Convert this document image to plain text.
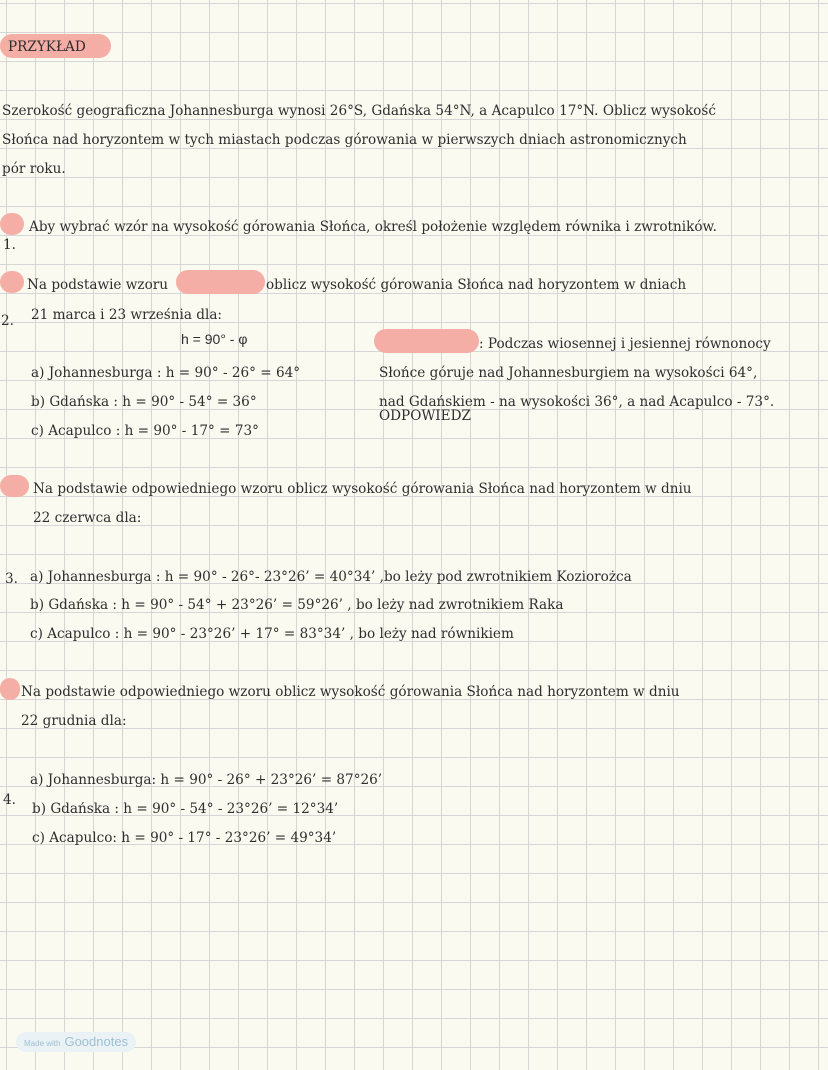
PRZYKŁAD
Szerokość geograficzna Johannesburga wynosi 26°S, Gdańska 54°N, a Acapulco 17°N. Oblicz wysokość
Słońca nad horyzontem w tych miastach podczas górowania w pierwszych dniach astronomicznych
pór roku.
1.
Aby wybrać wzór na wysokość górowania Słońca, określ położenie względem równika i zwrotników.
2.
Na podstawie wzoru
h = 90° - φ
oblicz wysokość górowania Słońca nad horyzontem w dniach
21 marca i 23 września dla:
a) Johannesburga : h = 90° - 26° = 64°
b) Gdańska : h = 90° - 54° = 36°
c) Acapulco : h = 90° - 17° = 73°
ODPOWIEDZ
: Podczas wiosennej i jesiennej równonocy
Słońce góruje nad Johannesburgiem na wysokości 64°,
nad Gdańskiem - na wysokości 36°, a nad Acapulco - 73°.
3.
Na podstawie odpowiedniego wzoru oblicz wysokość górowania Słońca nad horyzontem w dniu
22 czerwca dla:
a) Johannesburga : h = 90° - 26°- 23°26’ = 40°34’ ,bo leży pod zwrotnikiem Koziorożca
b) Gdańska : h = 90° - 54° + 23°26’ = 59°26’ , bo leży nad zwrotnikiem Raka
c) Acapulco : h = 90° - 23°26’ + 17° = 83°34’ , bo leży nad równikiem
4.
Na podstawie odpowiedniego wzoru oblicz wysokość górowania Słońca nad horyzontem w dniu
22 grudnia dla:
a) Johannesburga: h = 90° - 26° + 23°26’ = 87°26’
b) Gdańska : h = 90° - 54° - 23°26’ = 12°34’
c) Acapulco: h = 90° - 17° - 23°26’ = 49°34’
Made with Goodnotes
